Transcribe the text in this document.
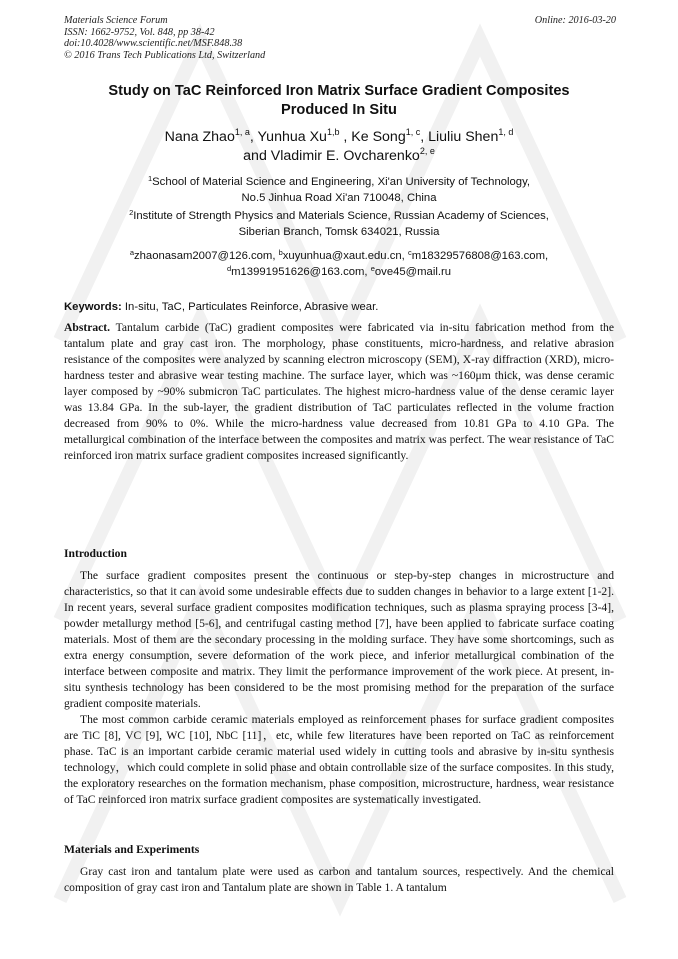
Materials Science Forum
ISSN: 1662-9752, Vol. 848, pp 38-42
doi:10.4028/www.scientific.net/MSF.848.38
© 2016 Trans Tech Publications Ltd, Switzerland
Online: 2016-03-20
Study on TaC Reinforced Iron Matrix Surface Gradient Composites
Produced In Situ
Nana Zhao$^{1, a}$, Yunhua Xu$^{1,b}$ , Ke Song$^{1, c}$, Liuliu Shen$^{1, d}$
and Vladimir E. Ovcharenko$^{2, e}$
$^1$School of Material Science and Engineering, Xi'an University of Technology,
No.5 Jinhua Road Xi'an 710048, China
$^2$Institute of Strength Physics and Materials Science, Russian Academy of Sciences,
Siberian Branch, Tomsk 634021, Russia
$^a$zhaonasam2007@126.com, $^b$xuyunhua@xaut.edu.cn, $^c$m18329576808@163.com,
$^d$m13991951626@163.com, $^e$ove45@mail.ru
Keywords: In-situ, TaC, Particulates Reinforce, Abrasive wear.

Abstract. Tantalum carbide (TaC) gradient composites were fabricated via in-situ fabrication method from the tantalum plate and gray cast iron. The morphology, phase constituents, micro-hardness, and relative abrasion resistance of the composites were analyzed by scanning electron microscopy (SEM), X-ray diffraction (XRD), micro-hardness tester and abrasive wear testing machine. The surface layer, which was ~160μm thick, was dense ceramic layer composed by ~90% submicron TaC particulates. The highest micro-hardness value of the dense ceramic layer was 13.84 GPa. In the sub-layer, the gradient distribution of TaC particulates reflected in the volume fraction decreased from 90% to 0%. While the micro-hardness value decreased from 10.81 GPa to 4.10 GPa. The metallurgical combination of the interface between the composites and matrix was perfect. The wear resistance of TaC reinforced iron matrix surface gradient composites increased significantly.

Introduction

The surface gradient composites present the continuous or step-by-step changes in microstructure and characteristics, so that it can avoid some undesirable effects due to sudden changes in behavior to a large extent [1-2]. In recent years, several surface gradient composites modification techniques, such as plasma spraying process [3-4], powder metallurgy method [5-6], and centrifugal casting method [7], have been applied to fabricate surface coating materials. Most of them are the secondary processing in the molding surface. They have some shortcomings, such as extra energy consumption, severe deformation of the work piece, and inferior metallurgical combination of the interface between composite and matrix. They limit the performance improvement of the work piece. At present, in-situ synthesis technology has been considered to be the most promising method for the preparation of the surface gradient composite materials.

The most common carbide ceramic materials employed as reinforcement phases for surface gradient composites are TiC [8], VC [9], WC [10], NbC [11]，etc, while few literatures have been reported on TaC as reinforcement phase. TaC is an important carbide ceramic material used widely in cutting tools and abrasive by in-situ synthesis technology，which could complete in solid phase and obtain controllable size of the surface composites. In this study, the exploratory researches on the formation mechanism, phase composition, microstructure, hardness, wear resistance of TaC reinforced iron matrix surface gradient composites are systematically investigated.

Materials and Experiments

Gray cast iron and tantalum plate were used as carbon and tantalum sources, respectively. And the chemical composition of gray cast iron and Tantalum plate are shown in Table 1. A tantalum
